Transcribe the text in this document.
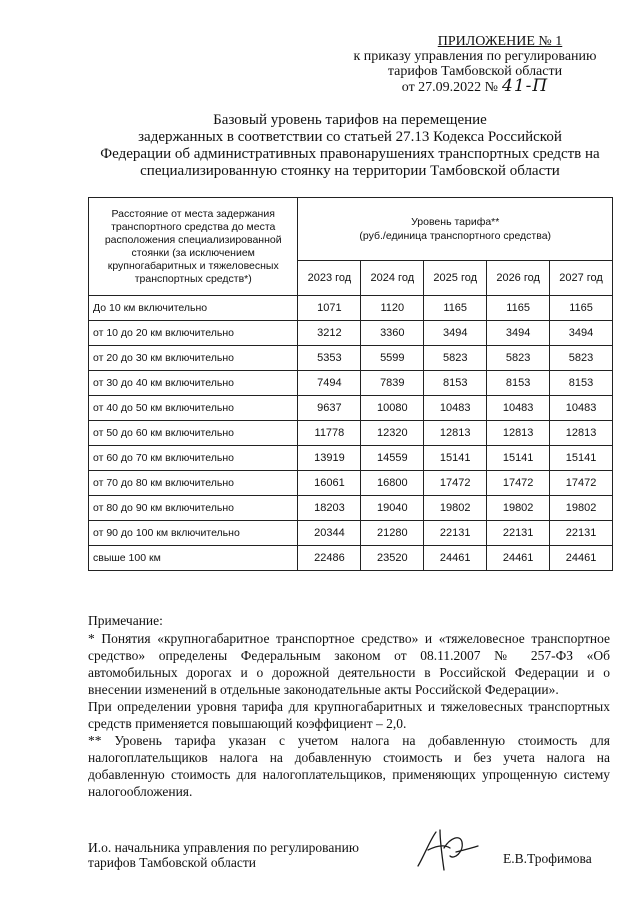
ПРИЛОЖЕНИЕ № 1
к приказу управления по регулированию
тарифов Тамбовской области
от 27.09.2022 № 41-П
Базовый уровень тарифов на перемещение
задержанных в соответствии со статьей 27.13 Кодекса Российской
Федерации об административных правонарушениях транспортных средств на
специализированную стоянку на территории Тамбовской области
Расстояние от места задержания транспортного средства до места расположения специализированной стоянки (за исключением крупногабаритных и тяжеловесных транспортных средств*)	Уровень тарифа**
(руб./единица транспортного средства)				

	2023 год	2024 год	2025 год	2026 год	2027 год
До 10 км включительно	1071	1120	1165	1165	1165
от 10 до 20 км включительно	3212	3360	3494	3494	3494
от 20 до 30 км включительно	5353	5599	5823	5823	5823
от 30 до 40 км включительно	7494	7839	8153	8153	8153
от 40 до 50 км включительно	9637	10080	10483	10483	10483
от 50 до 60 км включительно	11778	12320	12813	12813	12813
от 60 до 70 км включительно	13919	14559	15141	15141	15141
от 70 до 80 км включительно	16061	16800	17472	17472	17472
от 80 до 90 км включительно	18203	19040	19802	19802	19802
от 90 до 100 км включительно	20344	21280	22131	22131	22131
свыше 100 км	22486	23520	24461	24461	24461

Примечание:

* Понятия «крупногабаритное транспортное средство» и «тяжеловесное транспортное средство» определены Федеральным законом от 08.11.2007 № 257-ФЗ «Об автомобильных дорогах и о дорожной деятельности в Российской Федерации и о внесении изменений в отдельные законодательные акты Российской Федерации».

При определении уровня тарифа для крупногабаритных и тяжеловесных транспортных средств применяется повышающий коэффициент – 2,0.

** Уровень тарифа указан с учетом налога на добавленную стоимость для налогоплательщиков налога на добавленную стоимость и без учета налога на добавленную стоимость для налогоплательщиков, применяющих упрощенную систему налогообложения.

И.о. начальника управления по регулированию
тарифов Тамбовской области	Е.В.Трофимова
